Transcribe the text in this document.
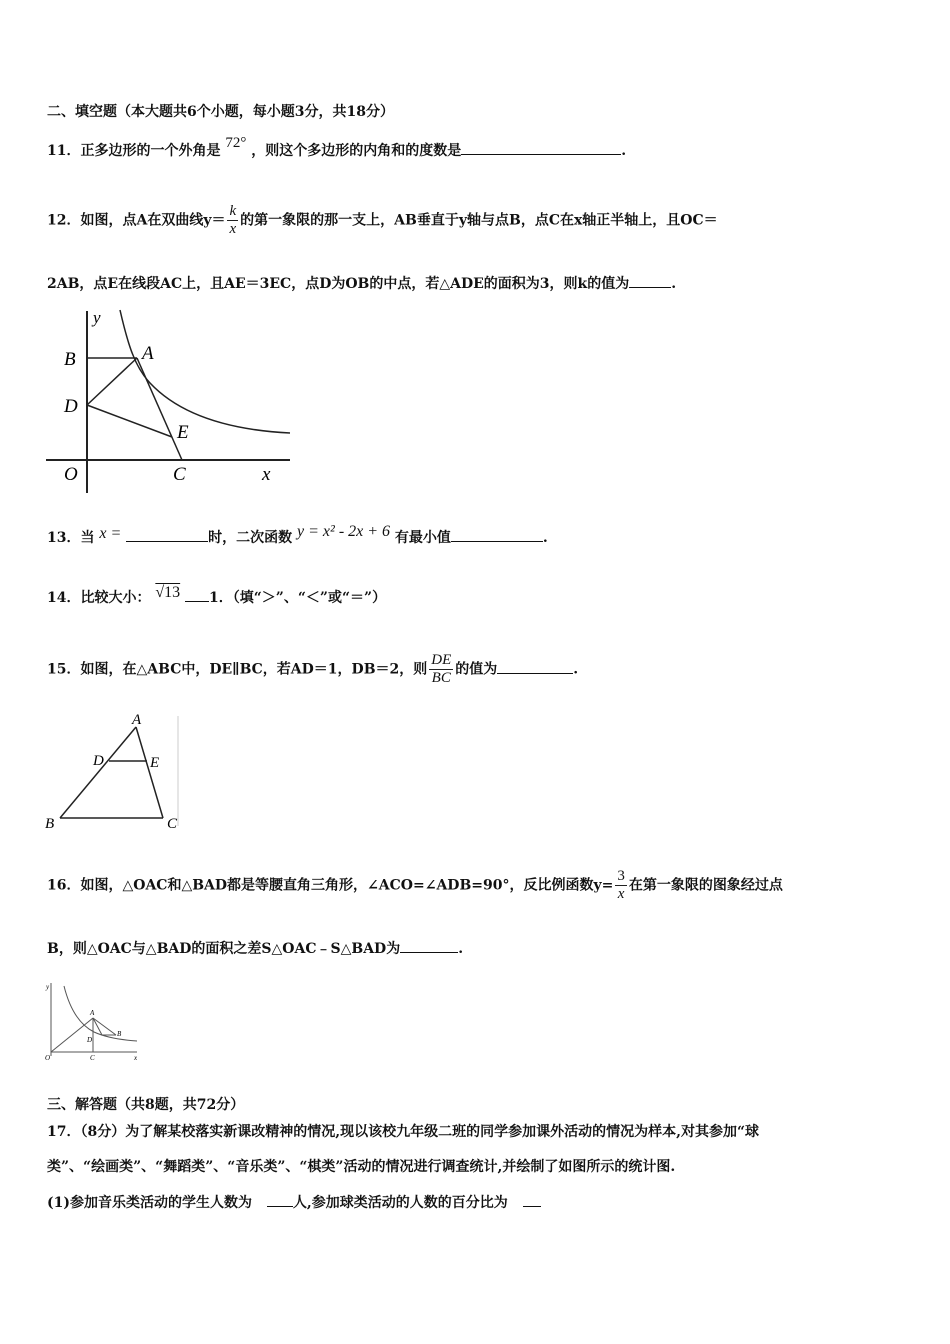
二、填空题（本大题共6个小题，每小题3分，共18分）
11．正多边形的一个外角是 72° ，则这个多边形的内角和的度数是	.
12．如图，点A在双曲线$y= \frac{k}{x}$ 的第一象限的那一支上，AB垂直于y轴与点B，点C在x轴正半轴上，且OC＝
2AB，点E在线段AC上，且AE＝3EC，点D为OB的中点，若△ADE的面积为3，则k的值为	.
y
B	A
D
E
O	C	x
13．当 x =	时，二次函数 y = x² - 2x + 6 有最小值	.
14．比较大小： √13 1．（填“＞”、“＜”或“＝”）
15．如图，在△ABC中，DE∥BC，若AD＝1，DB＝2，则 $\frac{DE}{BC}$ 的值为	.
A
D	E
B	C
16．如图，△OAC和△BAD都是等腰直角三角形，∠ACO=∠ADB=90°，反比例函数$y= \frac{3}{x}$ 在第一象限的图象经过点
B，则△OAC与△BAD的面积之差S△OAC﹣S△BAD为	.
y
A
B
D
O	C	x
三、解答题（共8题，共72分）
17．（8分）为了解某校落实新课改精神的情况,现以该校九年级二班的同学参加课外活动的情况为样本,对其参加“球
类”、“绘画类”、“舞蹈类”、“音乐类”、“棋类”活动的情况进行调查统计,并绘制了如图所示的统计图.
(1)参加音乐类活动的学生人数为	人,参加球类活动的人数的百分比为
